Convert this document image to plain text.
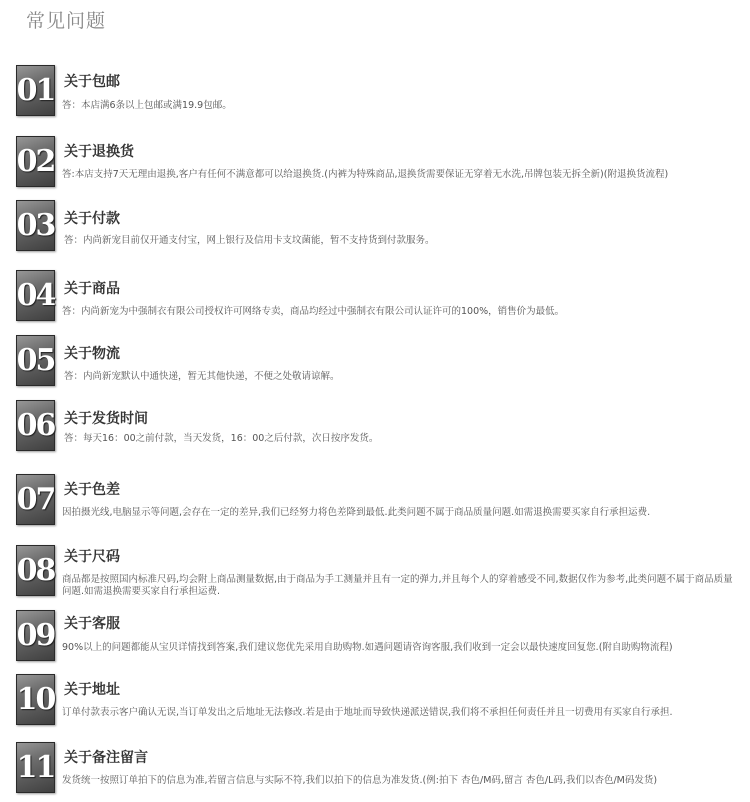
常见问题
01 关于包邮
答：本店满6条以上包邮或满19.9包邮。
02 关于退换货
答:本店支持7天无理由退换,客户有任何不满意都可以给退换货.(内裤为特殊商品,退换货需要保证无穿着无水洗,吊牌包装无拆全新)(附退换货流程)
03 关于付款
答：内尚新宠目前仅开通支付宝，网上银行及信用卡支坟菌能，暂不支持货到付款服务。
04 关于商品
答：内尚新宠为中强制衣有限公司授权许可网络专卖，商品均经过中强制衣有限公司认证许可的100%，销售价为最低。
05 关于物流
答：内尚新宠默认中通快递，暂无其他快递，不便之处敬请谅解。
06 关于发货时间
答：每天16：00之前付款，当天发货，16：00之后付款，次日按序发货。
07 关于色差
因拍摄光线,电脑显示等问题,会存在一定的差异,我们已经努力将色差降到最低.此类问题不属于商品质量问题.如需退换需要买家自行承担运费.
08 关于尺码
商品都是按照国内标准尺码,均会附上商品测量数据,由于商品为手工测量并且有一定的弹力,并且每个人的穿着感受不同,数据仅作为参考,此类问题不属于商品质量问题.如需退换需要买家自行承担运费.
09 关于客服
90%以上的问题都能从宝贝详情找到答案,我们建议您优先采用自助购物.如遇问题请咨询客服,我们收到一定会以最快速度回复您.(附自助购物流程)
10 关于地址
订单付款表示客户确认无误,当订单发出之后地址无法修改.若是由于地址而导致快递派送错误,我们将不承担任何责任并且一切费用有买家自行承担.
11 关于备注留言
发货统一按照订单拍下的信息为准,若留言信息与实际不符,我们以拍下的信息为准发货.(例:拍下 杏色/M码,留言 杏色/L码,我们以杏色/M码发货)
